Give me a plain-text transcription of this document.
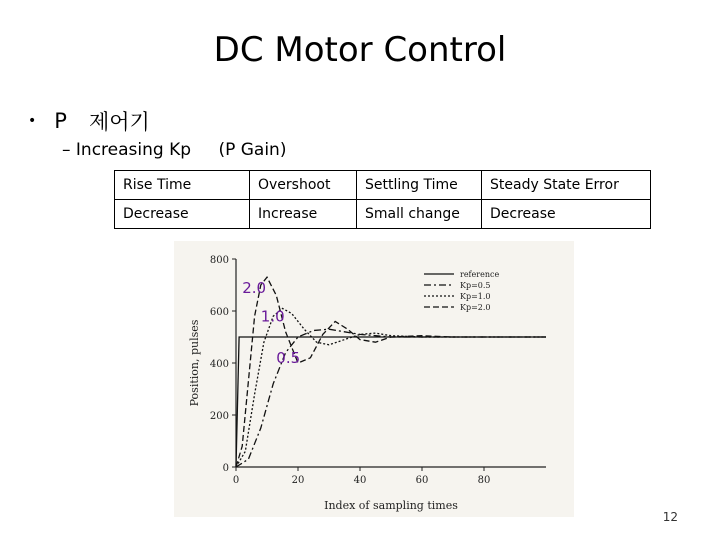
DC Motor Control
• P 제어기
– Increasing Kp (P Gain)
Rise Time	Overshoot	Settling Time	Steady State Error
Decrease	Increase	Small change	Decrease
0
200
400
600
800
0	20	40	60	80
Index of sampling times
Position, pulses
reference
Kp=0.5
Kp=1.0
Kp=2.0
2.0
1.0
0.5
12
